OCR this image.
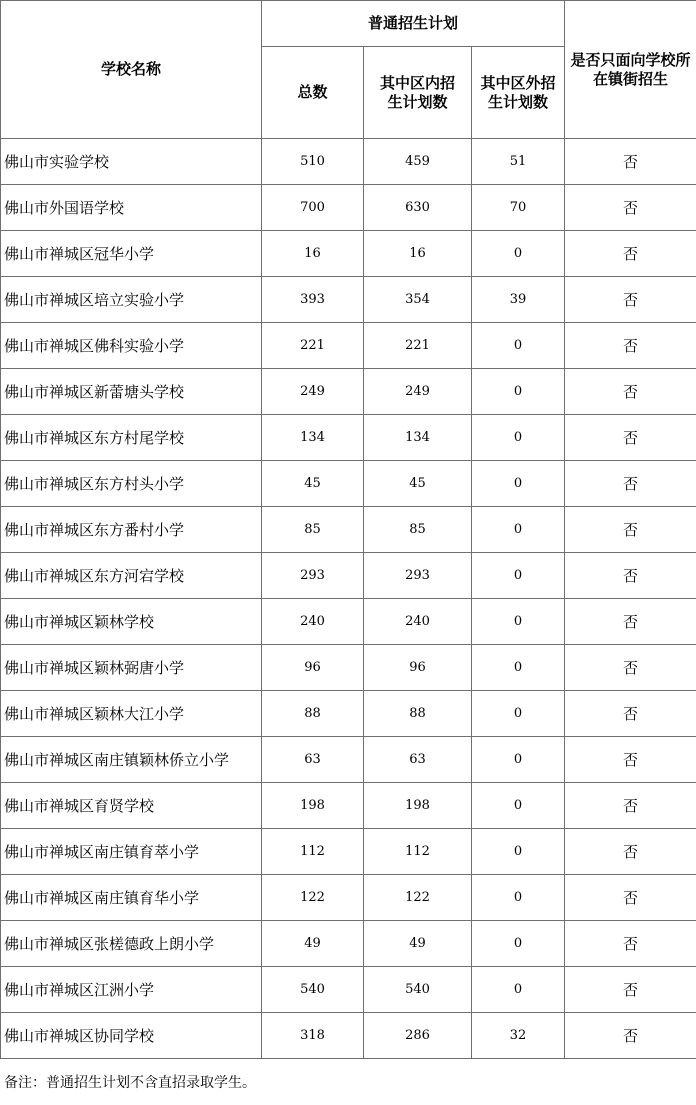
学校名称	普通招生计划			是否只面向学校所在镇街招生
	总数	其中区内招生计划数	其中区外招生计划数	
佛山市实验学校	510	459	51	否
佛山市外国语学校	700	630	70	否
佛山市禅城区冠华小学	16	16	0	否
佛山市禅城区培立实验小学	393	354	39	否
佛山市禅城区佛科实验小学	221	221	0	否
佛山市禅城区新蕾塘头学校	249	249	0	否
佛山市禅城区东方村尾学校	134	134	0	否
佛山市禅城区东方村头小学	45	45	0	否
佛山市禅城区东方番村小学	85	85	0	否
佛山市禅城区东方河宕学校	293	293	0	否
佛山市禅城区颖林学校	240	240	0	否
佛山市禅城区颖林弼唐小学	96	96	0	否
佛山市禅城区颖林大江小学	88	88	0	否
佛山市禅城区南庄镇颖林侨立小学	63	63	0	否
佛山市禅城区育贤学校	198	198	0	否
佛山市禅城区南庄镇育萃小学	112	112	0	否
佛山市禅城区南庄镇育华小学	122	122	0	否
佛山市禅城区张槎德政上朗小学	49	49	0	否
佛山市禅城区江洲小学	540	540	0	否
佛山市禅城区协同学校	318	286	32	否
备注：普通招生计划不含直招录取学生。
